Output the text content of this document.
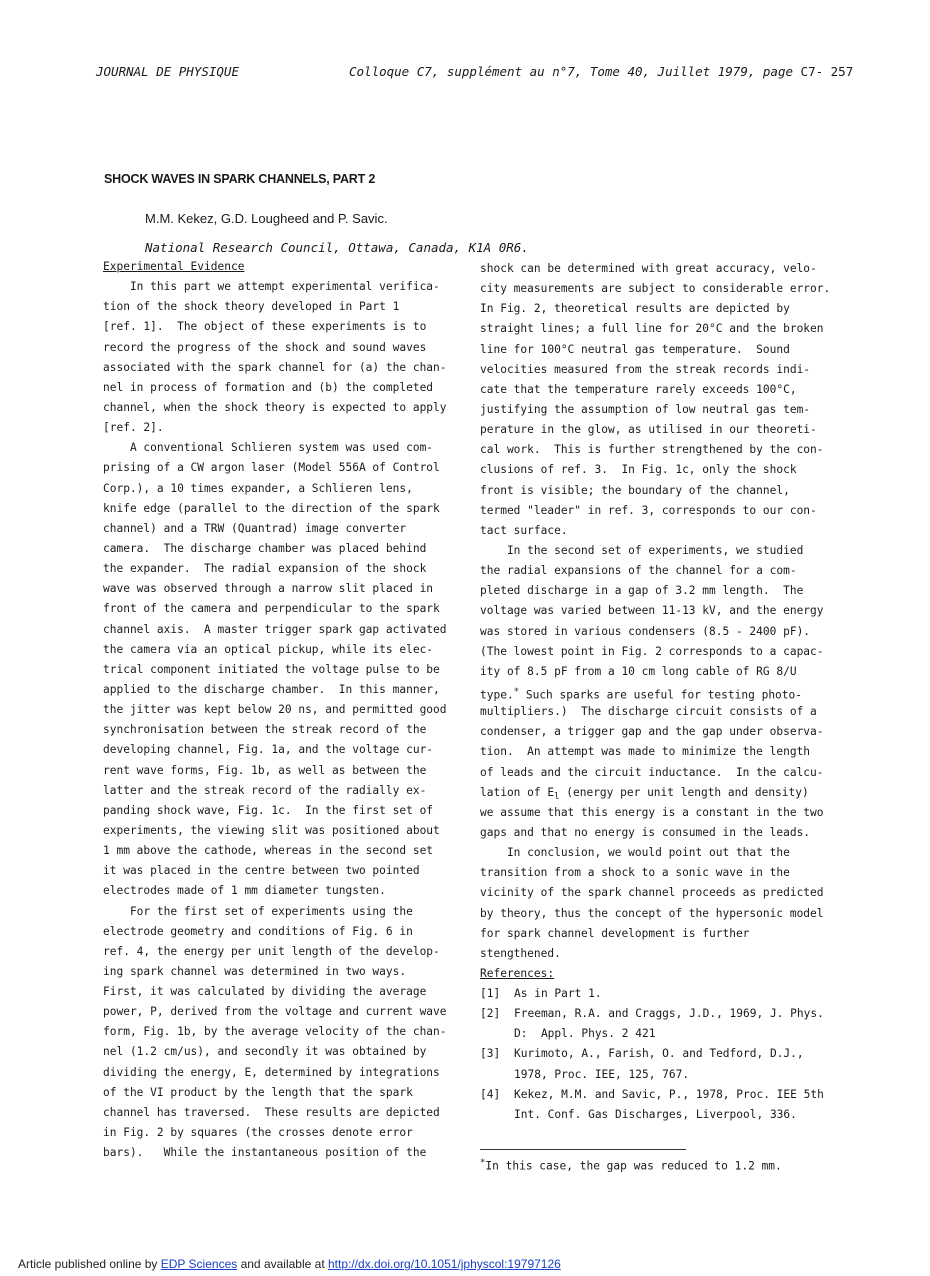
JOURNAL DE PHYSIQUE	Colloque C7, supplément au n°7, Tome 40, Juillet 1979, page C7- 257
SHOCK WAVES IN SPARK CHANNELS, PART 2
M.M. Kekez, G.D. Lougheed and P. Savic.
National Research Council, Ottawa, Canada, K1A 0R6.
Experimental Evidence
In this part we attempt experimental verifica-
tion of the shock theory developed in Part 1
[ref. 1].  The object of these experiments is to
record the progress of the shock and sound waves
associated with the spark channel for (a) the chan-
nel in process of formation and (b) the completed
channel, when the shock theory is expected to apply
[ref. 2].
A conventional Schlieren system was used com-
prising of a CW argon laser (Model 556A of Control
Corp.), a 10 times expander, a Schlieren lens,
knife edge (parallel to the direction of the spark
channel) and a TRW (Quantrad) image converter
camera.  The discharge chamber was placed behind
the expander.  The radial expansion of the shock
wave was observed through a narrow slit placed in
front of the camera and perpendicular to the spark
channel axis.  A master trigger spark gap activated
the camera via an optical pickup, while its elec-
trical component initiated the voltage pulse to be
applied to the discharge chamber.  In this manner,
the jitter was kept below 20 ns, and permitted good
synchronisation between the streak record of the
developing channel, Fig. 1a, and the voltage cur-
rent wave forms, Fig. 1b, as well as between the
latter and the streak record of the radially ex-
panding shock wave, Fig. 1c.  In the first set of
experiments, the viewing slit was positioned about
1 mm above the cathode, whereas in the second set
it was placed in the centre between two pointed
electrodes made of 1 mm diameter tungsten.
For the first set of experiments using the
electrode geometry and conditions of Fig. 6 in
ref. 4, the energy per unit length of the develop-
ing spark channel was determined in two ways.
First, it was calculated by dividing the average
power, P, derived from the voltage and current wave
form, Fig. 1b, by the average velocity of the chan-
nel (1.2 cm/us), and secondly it was obtained by
dividing the energy, E, determined by integrations
of the VI product by the length that the spark
channel has traversed.  These results are depicted
in Fig. 2 by squares (the crosses denote error
bars).   While the instantaneous position of the
shock can be determined with great accuracy, velo-
city measurements are subject to considerable error.
In Fig. 2, theoretical results are depicted by
straight lines; a full line for 20°C and the broken
line for 100°C neutral gas temperature.  Sound
velocities measured from the streak records indi-
cate that the temperature rarely exceeds 100°C,
justifying the assumption of low neutral gas tem-
perature in the glow, as utilised in our theoreti-
cal work.  This is further strengthened by the con-
clusions of ref. 3.  In Fig. 1c, only the shock
front is visible; the boundary of the channel,
termed "leader" in ref. 3, corresponds to our con-
tact surface.
In the second set of experiments, we studied
the radial expansions of the channel for a com-
pleted discharge in a gap of 3.2 mm length.  The
voltage was varied between 11-13 kV, and the energy
was stored in various condensers (8.5 - 2400 pF).
(The lowest point in Fig. 2 corresponds to a capac-
ity of 8.5 pF from a 10 cm long cable of RG 8/U
type.* Such sparks are useful for testing photo-
multipliers.)  The discharge circuit consists of a
condenser, a trigger gap and the gap under observa-
tion.  An attempt was made to minimize the length
of leads and the circuit inductance.  In the calcu-
lation of $E_l$ (energy per unit length and density)
we assume that this energy is a constant in the two
gaps and that no energy is consumed in the leads.
In conclusion, we would point out that the
transition from a shock to a sonic wave in the
vicinity of the spark channel proceeds as predicted
by theory, thus the concept of the hypersonic model
for spark channel development is further
stengthened.
References:
[1] As in Part 1.
[2] Freeman, R.A. and Craggs, J.D., 1969, J. Phys.
D:  Appl. Phys. 2 421
[3] Kurimoto, A., Farish, O. and Tedford, D.J.,
1978, Proc. IEE, 125, 767.
[4] Kekez, M.M. and Savic, P., 1978, Proc. IEE 5th
Int. Conf. Gas Discharges, Liverpool, 336.
*In this case, the gap was reduced to 1.2 mm.
Article published online by EDP Sciences and available at http://dx.doi.org/10.1051/jphyscol:19797126
